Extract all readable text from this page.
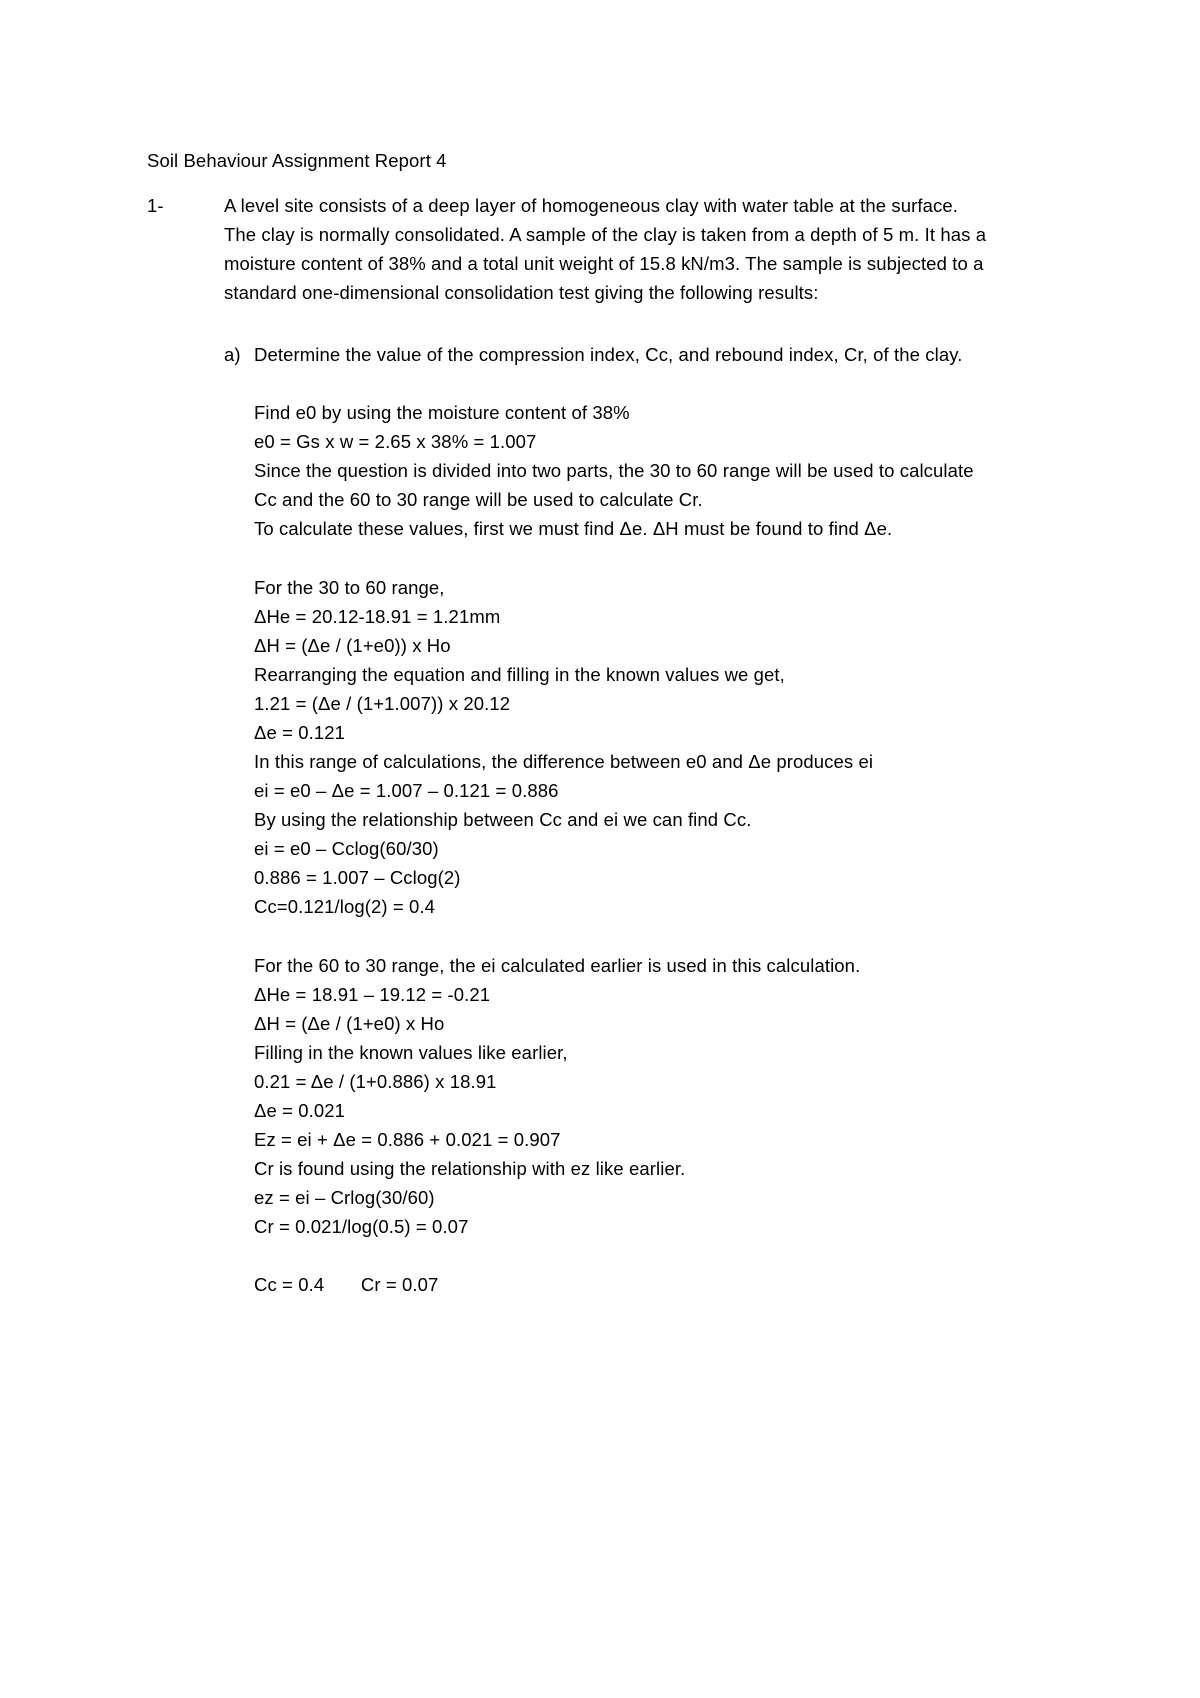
Soil Behaviour Assignment Report 4
1-	A level site consists of a deep layer of homogeneous clay with water table at the surface.
The clay is normally consolidated. A sample of the clay is taken from a depth of 5 m. It has a
moisture content of 38% and a total unit weight of 15.8 kN/m3. The sample is subjected to a
standard one-dimensional consolidation test giving the following results:
a) Determine the value of the compression index, Cc, and rebound index, Cr, of the clay.
Find e0 by using the moisture content of 38%
e0 = Gs x w = 2.65 x 38% = 1.007
Since the question is divided into two parts, the 30 to 60 range will be used to calculate
Cc and the 60 to 30 range will be used to calculate Cr.
To calculate these values, first we must find Δe. ΔH must be found to find Δe.
For the 30 to 60 range,
ΔHe = 20.12-18.91 = 1.21mm
ΔH = (Δe / (1+e0)) x Ho
Rearranging the equation and filling in the known values we get,
1.21 = (Δe / (1+1.007)) x 20.12
Δe = 0.121
In this range of calculations, the difference between e0 and Δe produces ei
ei = e0 – Δe = 1.007 – 0.121 = 0.886
By using the relationship between Cc and ei we can find Cc.
ei = e0 – Cclog(60/30)
0.886 = 1.007 – Cclog(2)
Cc=0.121/log(2) = 0.4
For the 60 to 30 range, the ei calculated earlier is used in this calculation.
ΔHe = 18.91 – 19.12 = -0.21
ΔH = (Δe / (1+e0) x Ho
Filling in the known values like earlier,
0.21 = Δe / (1+0.886) x 18.91
Δe = 0.021
Ez = ei + Δe = 0.886 + 0.021 = 0.907
Cr is found using the relationship with ez like earlier.
ez = ei – Crlog(30/60)
Cr = 0.021/log(0.5) = 0.07
Cc = 0.4       Cr = 0.07
